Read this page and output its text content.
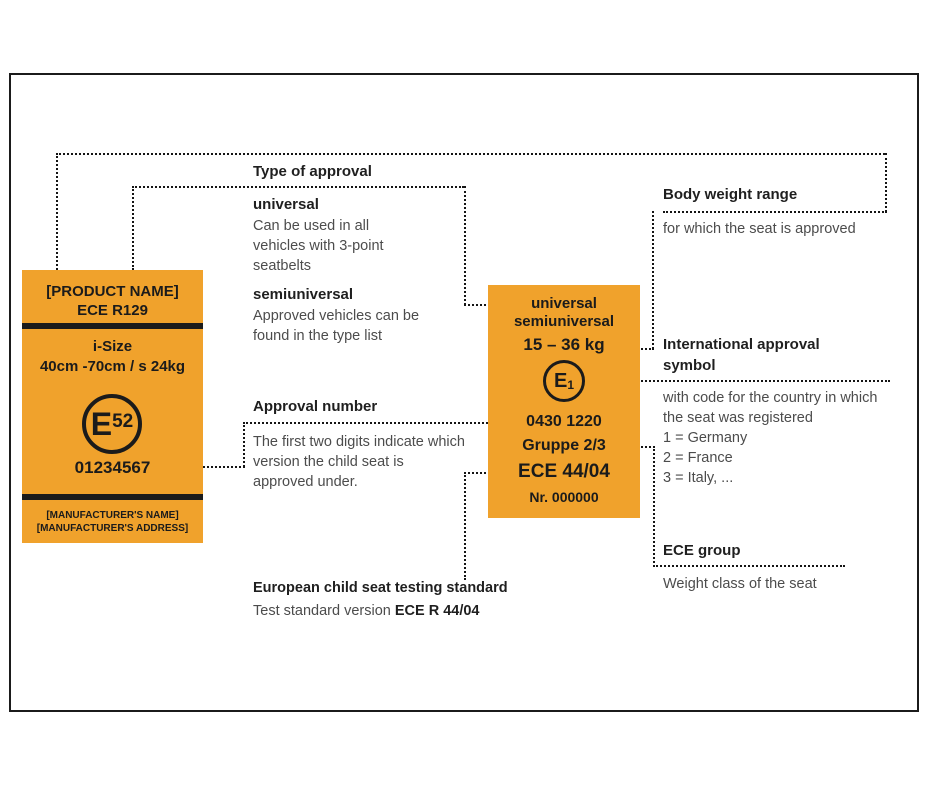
[PRODUCT NAME]
ECE R129
i-Size
40cm -70cm / s 24kg
E 52
01234567
[MANUFACTURER'S NAME]
[MANUFACTURER'S ADDRESS]
universal
semiuniversal
15 – 36 kg
E 1
0430 1220
Gruppe 2/3
ECE 44/04
Nr. 000000
Type of approval
universal
Can be used in all vehicles with 3-point seatbelts
semiuniversal
Approved vehicles can be found in the type list
Approval number
The first two digits indicate which version the child seat is approved under.
European child seat testing standard
Test standard version ECE R 44/04
Body weight range
for which the seat is approved
International approval symbol
with code for the country in which the seat was registered
1 = Germany
2 = France
3 = Italy, ...
ECE group
Weight class of the seat
